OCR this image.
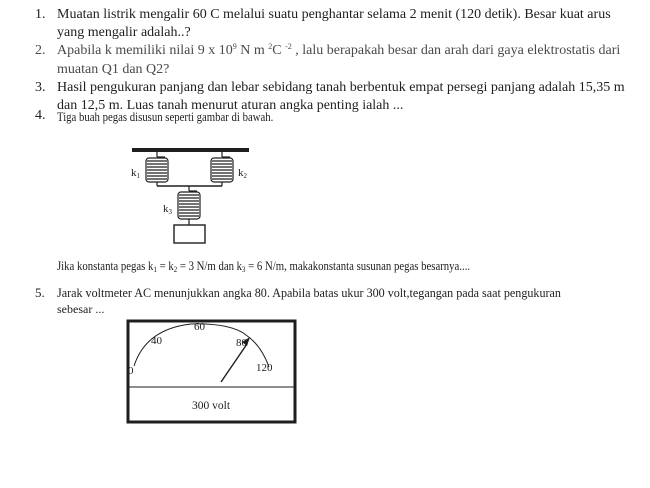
1. Muatan listrik mengalir 60 C melalui suatu penghantar selama 2 menit (120 detik). Besar kuat arus
yang mengalir adalah..?
2. Apabila k memiliki nilai 9 x $10^9$ N m $^2$C $^{-2}$ , lalu berapakah besar dan arah dari gaya elektrostatis dari
muatan Q1 dan Q2?
3. Hasil pengukuran panjang dan lebar sebidang tanah berbentuk empat persegi panjang adalah 15,35 m
dan 12,5 m. Luas tanah menurut aturan angka penting ialah ...
4. Tiga buah pegas disusun seperti gambar di bawah.
k1	k2
k3
Jika konstanta pegas $k_1 = k_2 = 3$ N/m dan $k_3 = 6$ N/m, makakonstanta susunan pegas besarnya....
5. Jarak voltmeter AC menunjukkan angka 80. Apabila batas ukur 300 volt,tegangan pada saat pengukuran
sebesar ...
0
40
60
80
120
300 volt
